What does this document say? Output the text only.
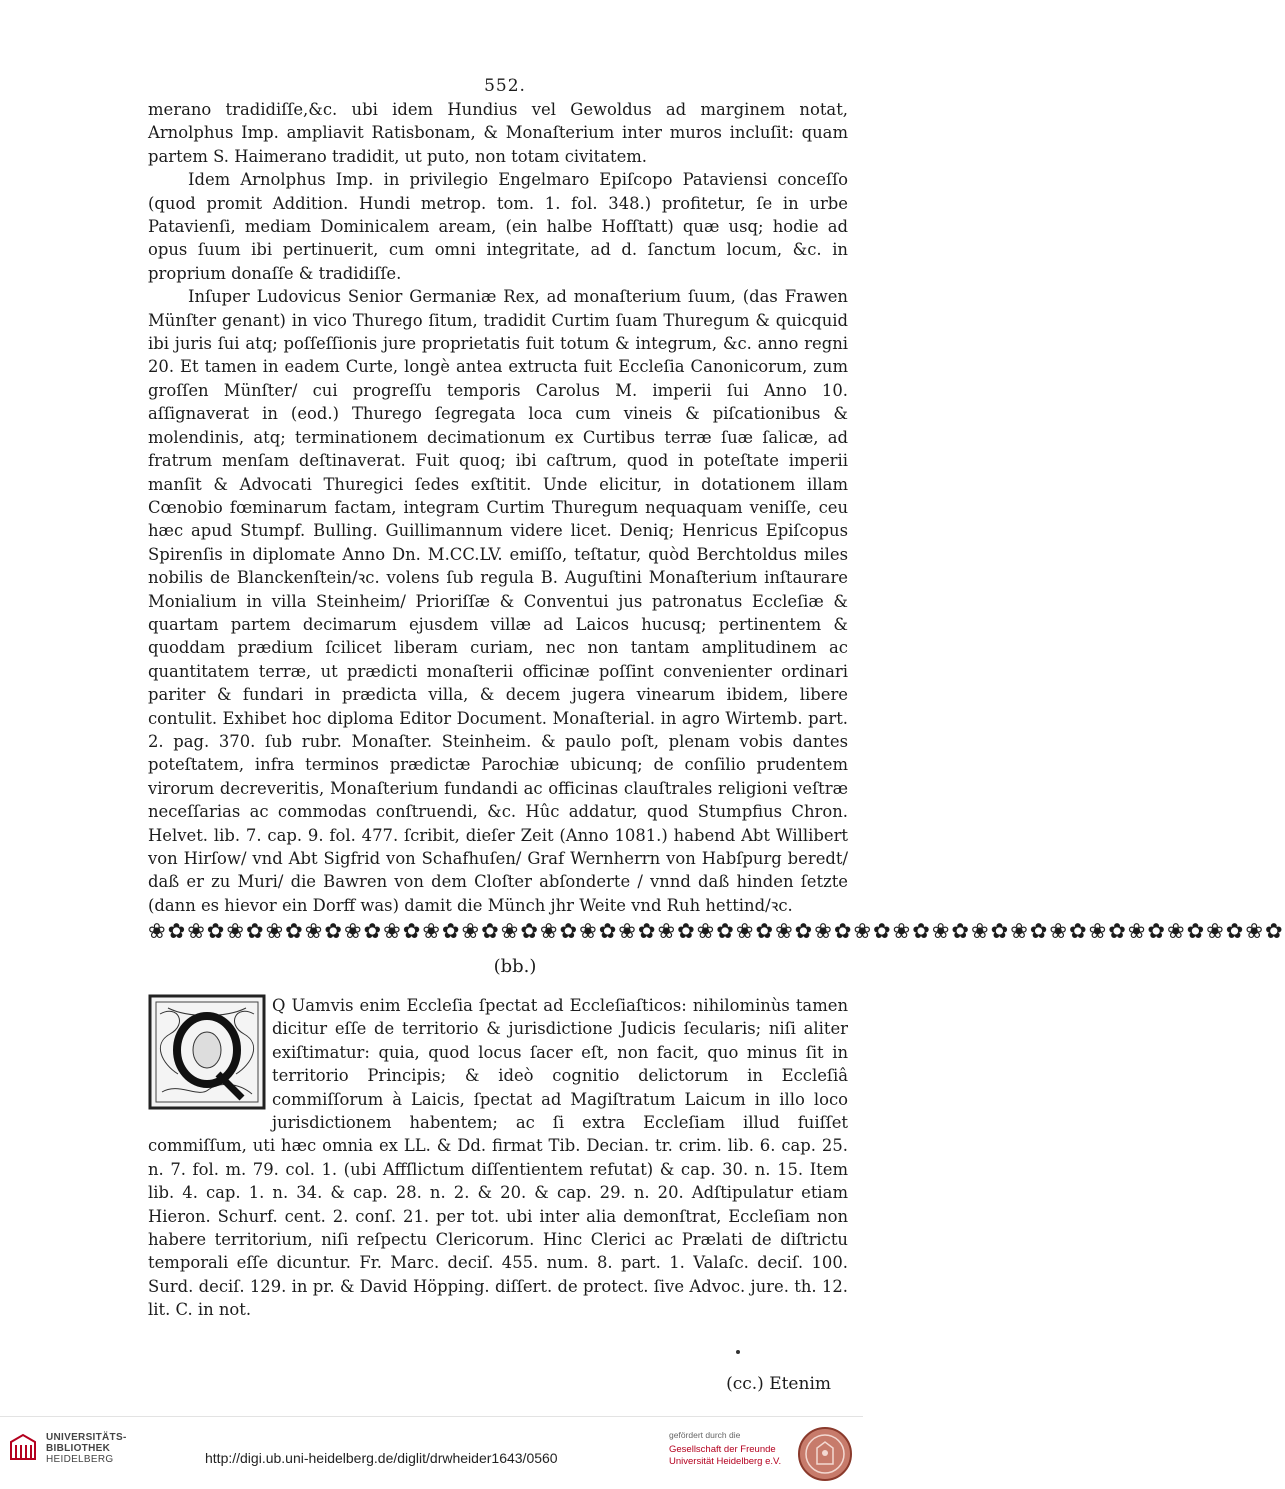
552.

merano tradidiſſe,&c. ubi idem Hundius vel Gewoldus ad marginem notat, Arnolphus Imp. ampliavit Ratisbonam, & Monaſterium inter muros incluſit: quam partem S. Haimerano tradidit, ut puto, non totam civitatem.

Idem Arnolphus Imp. in privilegio Engelmaro Epiſcopo Pataviensi conceſſo (quod promit Addition. Hundi metrop. tom. 1. fol. 348.) profitetur, ſe in urbe Patavienſi, mediam Dominicalem aream, (ein halbe Hofſtatt) quæ usq; hodie ad opus ſuum ibi pertinuerit, cum omni integritate, ad d. ſanctum locum, &c. in proprium donaſſe & tradidiſſe.

Inſuper Ludovicus Senior Germaniæ Rex, ad monaſterium ſuum, (das Frawen Münſter genant) in vico Thurego ſitum, tradidit Curtim ſuam Thuregum & quicquid ibi juris ſui atq; poſſeſſionis jure proprietatis fuit totum & integrum, &c. anno regni 20. Et tamen in eadem Curte, longè antea extructa fuit Eccleſia Canonicorum, zum groſſen Münſter/ cui progreſſu temporis Carolus M. imperii ſui Anno 10. aſſignaverat in (eod.) Thurego ſegregata loca cum vineis & piſcationibus & molendinis, atq; terminationem decimationum ex Curtibus terræ ſuæ ſalicæ, ad fratrum menſam deſtinaverat. Fuit quoq; ibi caſtrum, quod in poteſtate imperii manſit & Advocati Thuregici ſedes exſtitit. Unde elicitur, in dotationem illam Cœnobio fœminarum factam, integram Curtim Thuregum nequaquam veniſſe, ceu hæc apud Stumpf. Bulling. Guillimannum videre licet. Deniq; Henricus Epiſcopus Spirenſis in diplomate Anno Dn. M.CC.LV. emiſſo, teſtatur, quòd Berchtoldus miles nobilis de Blanckenſtein/ꝛc. volens ſub regula B. Auguſtini Monaſterium inſtaurare Monialium in villa Steinheim/ Prioriſſæ & Conventui jus patronatus Eccleſiæ & quartam partem decimarum ejusdem villæ ad Laicos hucusq; pertinentem & quoddam prædium ſcilicet liberam curiam, nec non tantam amplitudinem ac quantitatem terræ, ut prædicti monaſterii officinæ poſſint convenienter ordinari pariter & fundari in prædicta villa, & decem jugera vinearum ibidem, libere contulit. Exhibet hoc diploma Editor Document. Monaſterial. in agro Wirtemb. part. 2. pag. 370. ſub rubr. Monaſter. Steinheim. & paulo poſt, plenam vobis dantes poteſtatem, infra terminos prædictæ Parochiæ ubicunq; de conſilio prudentem virorum decreveritis, Monaſterium fundandi ac officinas clauſtrales religioni veſtræ neceſſarias ac commodas conſtruendi, &c. Hûc addatur, quod Stumpfius Chron. Helvet. lib. 7. cap. 9. fol. 477. ſcribit, dieſer Zeit (Anno 1081.) habend Abt Willibert von Hirſow/ vnd Abt Sigfrid von Schafhuſen/ Graf Wernherrn von Habſpurg beredt/ daß er zu Muri/ die Bawren von dem Cloſter abſonderte / vnnd daß hinden ſetzte (dann es hievor ein Dorff was) damit die Münch jhr Weite vnd Ruh hettind/ꝛc.

❀✿❀✿❀✿❀✿❀✿❀✿❀✿❀✿❀✿❀✿❀✿❀✿❀✿❀✿❀✿❀✿❀✿❀✿❀✿❀✿❀✿❀✿❀✿❀✿❀✿❀✿❀✿❀✿❀✿
(bb.)
Q Uamvis enim Eccleſia ſpectat ad Eccleſiaſticos: nihilominùs tamen dicitur eſſe de territorio & jurisdictione Judicis ſecularis; niſi aliter exiſtimatur: quia, quod locus ſacer eſt, non facit, quo minus ſit in territorio Principis; & ideò cognitio delictorum in Eccleſiâ commiſſorum à Laicis, ſpectat ad Magiſtratum Laicum in illo loco jurisdictionem habentem; ac ſi extra Eccleſiam illud fuiſſet commiſſum, uti hæc omnia ex LL. & Dd. firmat Tib. Decian. tr. crim. lib. 6. cap. 25. n. 7. fol. m. 79. col. 1. (ubi Affſlictum diſſentientem refutat) & cap. 30. n. 15. Item lib. 4. cap. 1. n. 34. & cap. 28. n. 2. & 20. & cap. 29. n. 20. Adſtipulatur etiam Hieron. Schurf. cent. 2. conſ. 21. per tot. ubi inter alia demonſtrat, Eccleſiam non habere territorium, niſi reſpectu Clericorum. Hinc Clerici ac Prælati de diſtrictu temporali eſſe dicuntur. Fr. Marc. deciſ. 455. num. 8. part. 1. Valaſc. deciſ. 100. Surd. deciſ. 129. in pr. & David Höpping. diſſert. de protect. ſive Advoc. jure. th. 12. lit. C. in not.
(cc.) Etenim
UNIVERSITÄTS-
BIBLIOTHEK
HEIDELBERG	http://digi.ub.uni-heidelberg.de/diglit/drwheider1643/0560
gefördert durch die
Gesellschaft der Freunde
Universität Heidelberg e.V.
